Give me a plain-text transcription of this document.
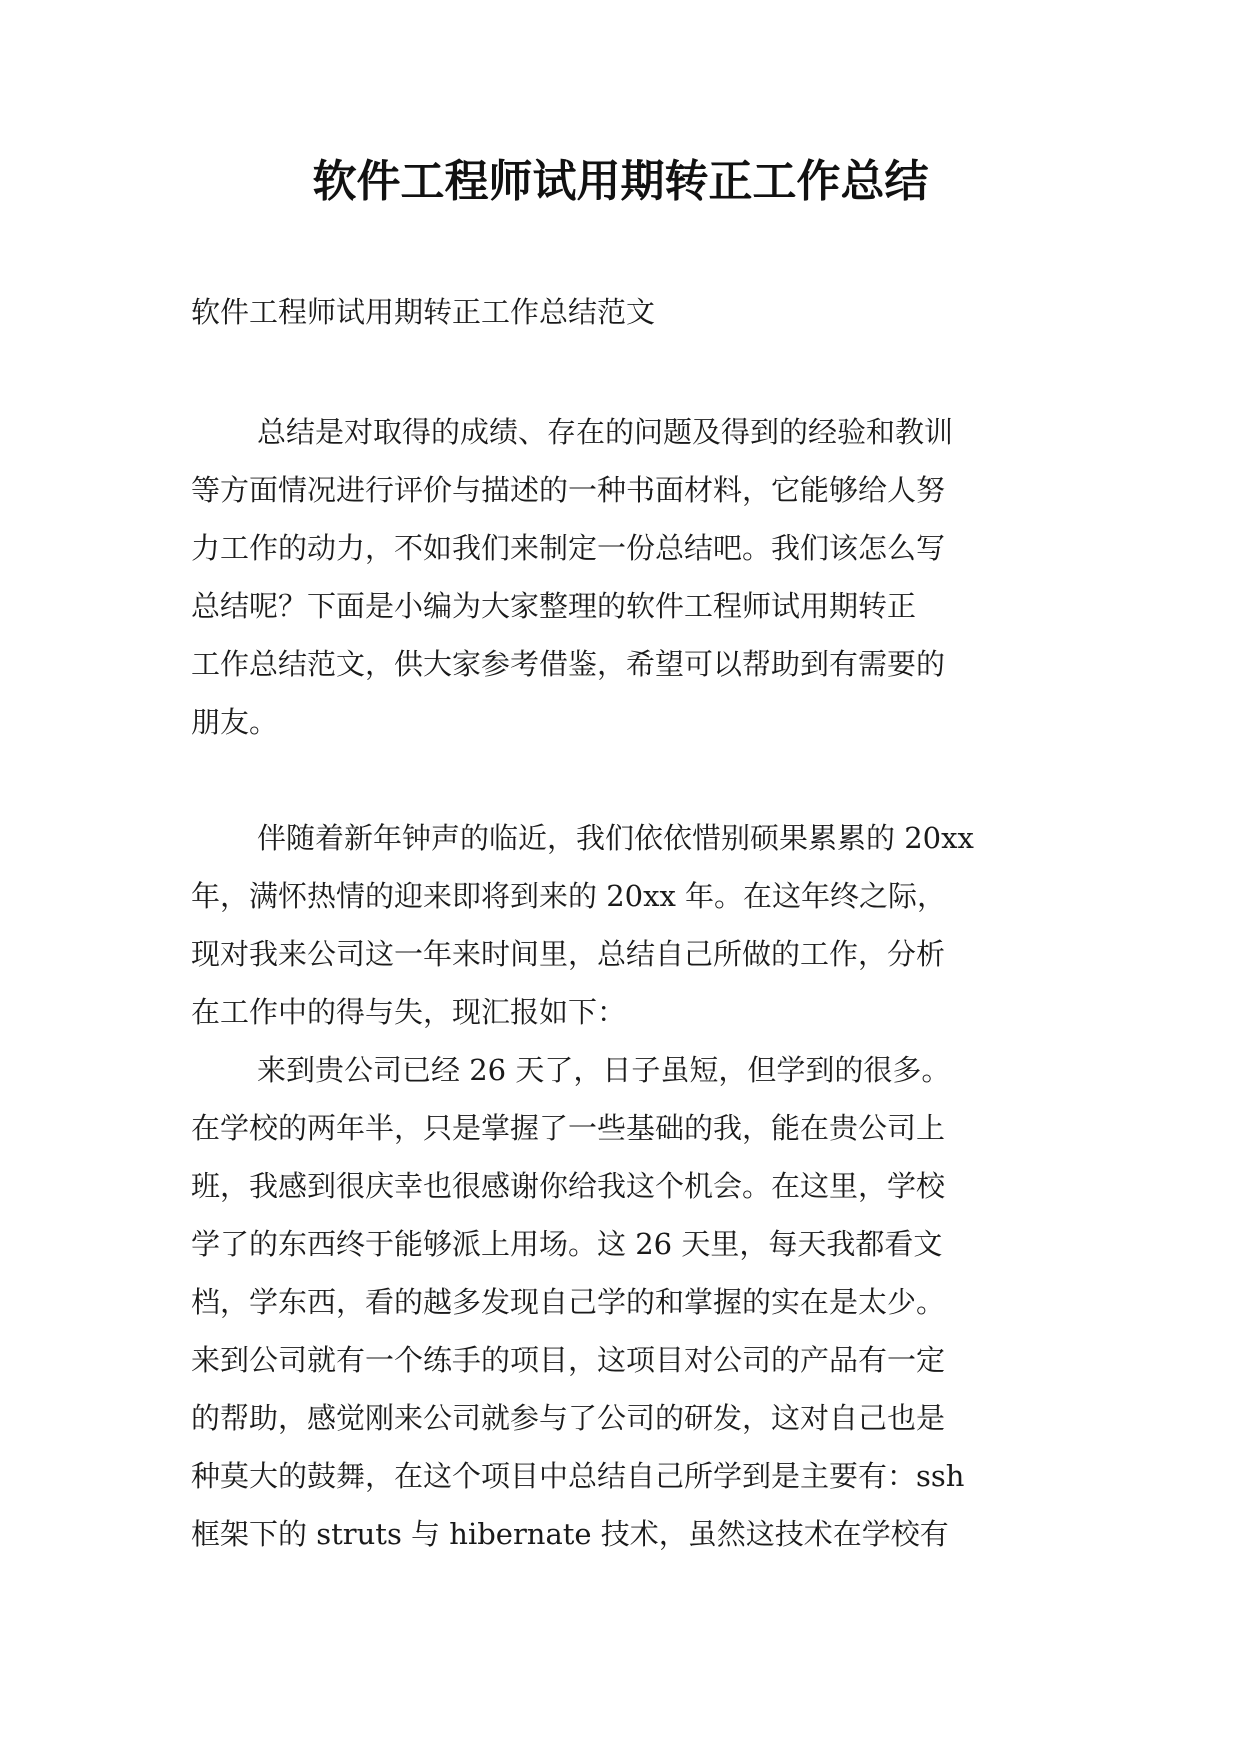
软件工程师试用期转正工作总结

软件工程师试用期转正工作总结范文

总结是对取得的成绩、存在的问题及得到的经验和教训
等方面情况进行评价与描述的一种书面材料，它能够给人努
力工作的动力，不如我们来制定一份总结吧。我们该怎么写
总结呢？下面是小编为大家整理的软件工程师试用期转正
工作总结范文，供大家参考借鉴，希望可以帮助到有需要的
朋友。
伴随着新年钟声的临近，我们依依惜别硕果累累的 20xx
年，满怀热情的迎来即将到来的 20xx 年。在这年终之际，
现对我来公司这一年来时间里，总结自己所做的工作，分析
在工作中的得与失，现汇报如下：
来到贵公司已经 26 天了，日子虽短，但学到的很多。
在学校的两年半，只是掌握了一些基础的我，能在贵公司上
班，我感到很庆幸也很感谢你给我这个机会。在这里，学校
学了的东西终于能够派上用场。这 26 天里，每天我都看文
档，学东西，看的越多发现自己学的和掌握的实在是太少。
来到公司就有一个练手的项目，这项目对公司的产品有一定
的帮助，感觉刚来公司就参与了公司的研发，这对自己也是
种莫大的鼓舞，在这个项目中总结自己所学到是主要有：ssh
框架下的 struts 与 hibernate 技术，虽然这技术在学校有
